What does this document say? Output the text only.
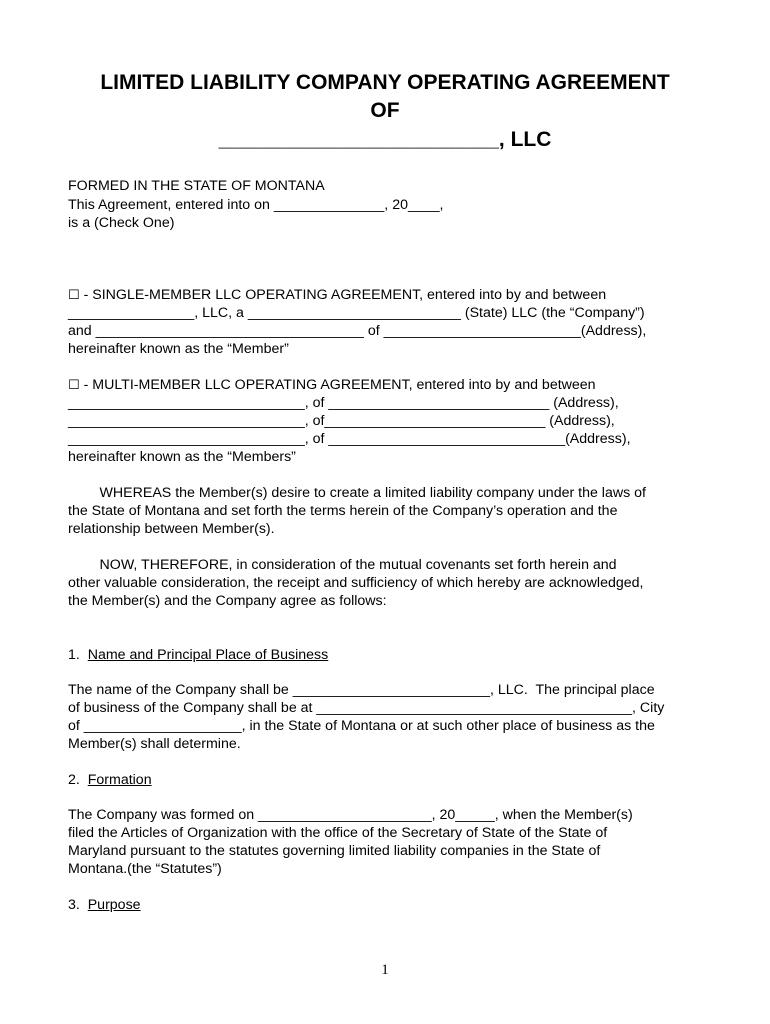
LIMITED LIABILITY COMPANY OPERATING AGREEMENT

OF

________________________, LLC

FORMED IN THE STATE OF MONTANA

This Agreement, entered into on ______________, 20____,

is a (Check One)

☐ - SINGLE-MEMBER LLC OPERATING AGREEMENT, entered into by and between

________________, LLC, a ___________________________ (State) LLC (the “Company”)

and __________________________________ of _________________________(Address),

hereinafter known as the “Member”

☐ - MULTI-MEMBER LLC OPERATING AGREEMENT, entered into by and between

______________________________, of ____________________________ (Address),

______________________________, of____________________________ (Address),

______________________________, of ______________________________(Address),

hereinafter known as the “Members”

WHEREAS the Member(s) desire to create a limited liability company under the laws of

the State of Montana and set forth the terms herein of the Company’s operation and the

relationship between Member(s).

NOW, THEREFORE, in consideration of the mutual covenants set forth herein and

other valuable consideration, the receipt and sufficiency of which hereby are acknowledged,

the Member(s) and the Company agree as follows:

1.  Name and Principal Place of Business

The name of the Company shall be _________________________, LLC.  The principal place

of business of the Company shall be at ________________________________________, City

of ____________________, in the State of Montana or at such other place of business as the

Member(s) shall determine.

2.  Formation

The Company was formed on ______________________, 20_____, when the Member(s)

filed the Articles of Organization with the office of the Secretary of State of the State of

Maryland pursuant to the statutes governing limited liability companies in the State of

Montana.(the “Statutes”)

3.  Purpose

1
